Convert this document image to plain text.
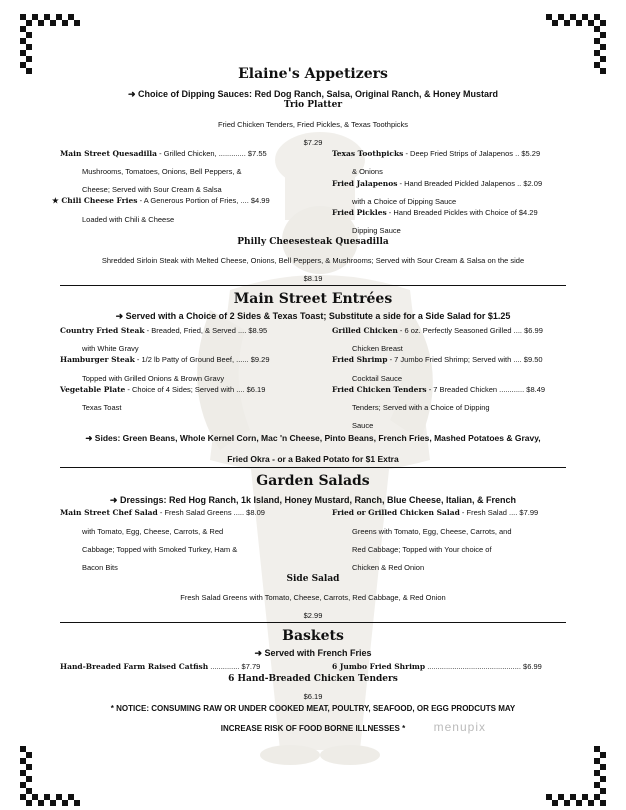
Elaine's Appetizers
➜ Choice of Dipping Sauces: Red Dog Ranch, Salsa, Original Ranch, & Honey Mustard
Trio Platter
Fried Chicken Tenders, Fried Pickles, & Texas Toothpicks
$7.29
Main Street Quesadilla - Grilled Chicken, ............. $7.55
Mushrooms, Tomatoes, Onions, Bell Peppers, &
Cheese; Served with Sour Cream & Salsa
★ Chili Cheese Fries - A Generous Portion of Fries, .... $4.99
Loaded with Chili & Cheese
Texas Toothpicks - Deep Fried Strips of Jalapenos .. $5.29
& Onions
Fried Jalapenos - Hand Breaded Pickled Jalapenos .. $2.09
with a Choice of Dipping Sauce
Fried Pickles - Hand Breaded Pickles with Choice of $4.29
Dipping Sauce
Philly Cheesesteak Quesadilla
Shredded Sirloin Steak with Melted Cheese, Onions, Bell Peppers, & Mushrooms; Served with Sour Cream & Salsa on the side
$8.19
Main Street Entrées
➜ Served with a Choice of 2 Sides & Texas Toast; Substitute a side for a Side Salad for $1.25
Country Fried Steak - Breaded, Fried, & Served .... $8.95
with White Gravy
Hamburger Steak - 1/2 lb Patty of Ground Beef, ...... $9.29
Topped with Grilled Onions & Brown Gravy
Vegetable Plate - Choice of 4 Sides; Served with .... $6.19
Texas Toast
Grilled Chicken - 6 oz. Perfectly Seasoned Grilled .... $6.99
Chicken Breast
Fried Shrimp - 7 Jumbo Fried Shrimp; Served with .... $9.50
Cocktail Sauce
Fried Chicken Tenders - 7 Breaded Chicken ............ $8.49
Tenders; Served with a Choice of Dipping
Sauce
➜ Sides: Green Beans, Whole Kernel Corn, Mac 'n Cheese, Pinto Beans, French Fries, Mashed Potatoes & Gravy,
Fried Okra - or a Baked Potato for $1 Extra
Garden Salads
➜ Dressings: Red Hog Ranch, 1k Island, Honey Mustard, Ranch, Blue Cheese, Italian, & French
Main Street Chef Salad - Fresh Salad Greens ..... $8.09
with Tomato, Egg, Cheese, Carrots, & Red
Cabbage; Topped with Smoked Turkey, Ham &
Bacon Bits
Fried or Grilled Chicken Salad - Fresh Salad .... $7.99
Greens with Tomato, Egg, Cheese, Carrots, and
Red Cabbage; Topped with Your choice of
Chicken & Red Onion
Side Salad
Fresh Salad Greens with Tomato, Cheese, Carrots, Red Cabbage, & Red Onion
$2.99
Baskets
➜ Served with French Fries
Hand-Breaded Farm Raised Catfish .............. $7.79	6 Jumbo Fried Shrimp ............................................. $6.99
6 Hand-Breaded Chicken Tenders
$6.19
* NOTICE: CONSUMING RAW OR UNDER COOKED MEAT, POULTRY, SEAFOOD, OR EGG PRODCUTS MAY
INCREASE RISK OF FOOD BORNE ILLNESSES *	menupix
